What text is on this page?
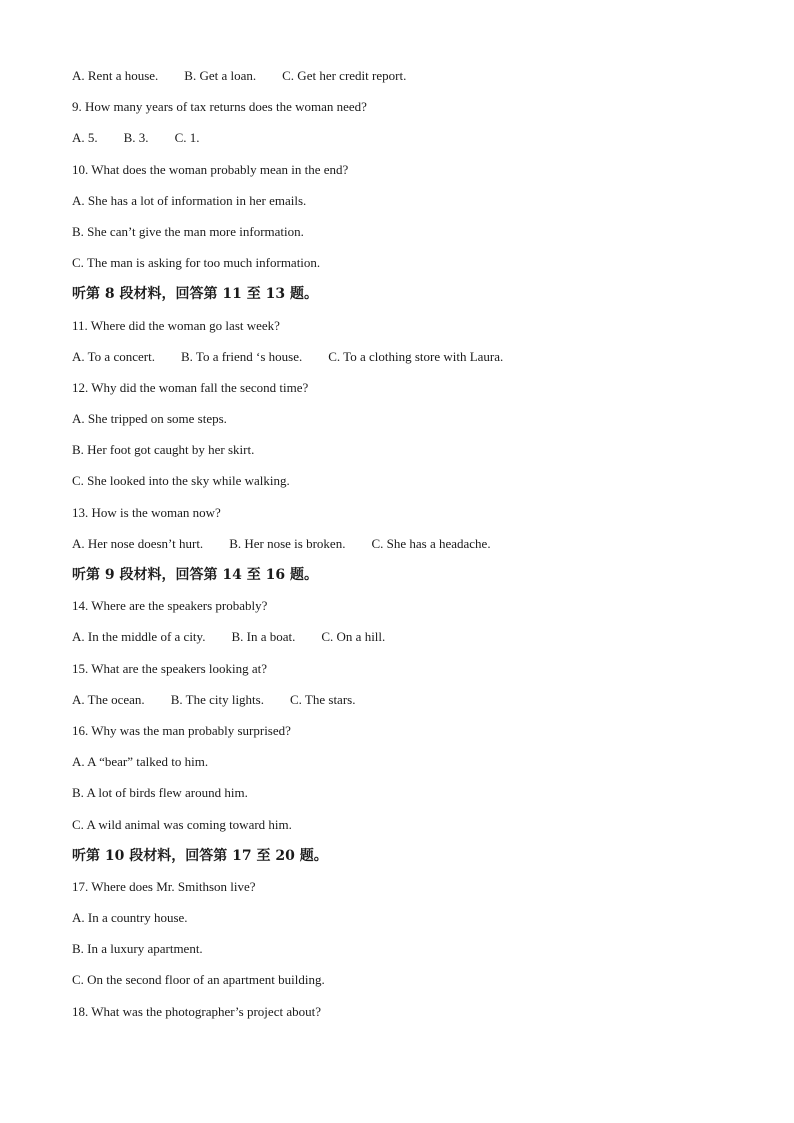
A. Rent a house. B. Get a loan. C. Get her credit report.
9. How many years of tax returns does the woman need?
A. 5. B. 3. C. 1.
10. What does the woman probably mean in the end?
A. She has a lot of information in her emails.
B. She can’t give the man more information.
C. The man is asking for too much information.
听第 8 段材料，回答第 11 至 13 题。
11. Where did the woman go last week?
A. To a concert. B. To a friend ‘s house. C. To a clothing store with Laura.
12. Why did the woman fall the second time?
A. She tripped on some steps.
B. Her foot got caught by her skirt.
C. She looked into the sky while walking.
13. How is the woman now?
A. Her nose doesn’t hurt. B. Her nose is broken. C. She has a headache.
听第 9 段材料，回答第 14 至 16 题。
14. Where are the speakers probably?
A. In the middle of a city. B. In a boat. C. On a hill.
15. What are the speakers looking at?
A. The ocean. B. The city lights. C. The stars.
16. Why was the man probably surprised?
A. A “bear” talked to him.
B. A lot of birds flew around him.
C. A wild animal was coming toward him.
听第 10 段材料，回答第 17 至 20 题。
17. Where does Mr. Smithson live?
A. In a country house.
B. In a luxury apartment.
C. On the second floor of an apartment building.
18. What was the photographer’s project about?
